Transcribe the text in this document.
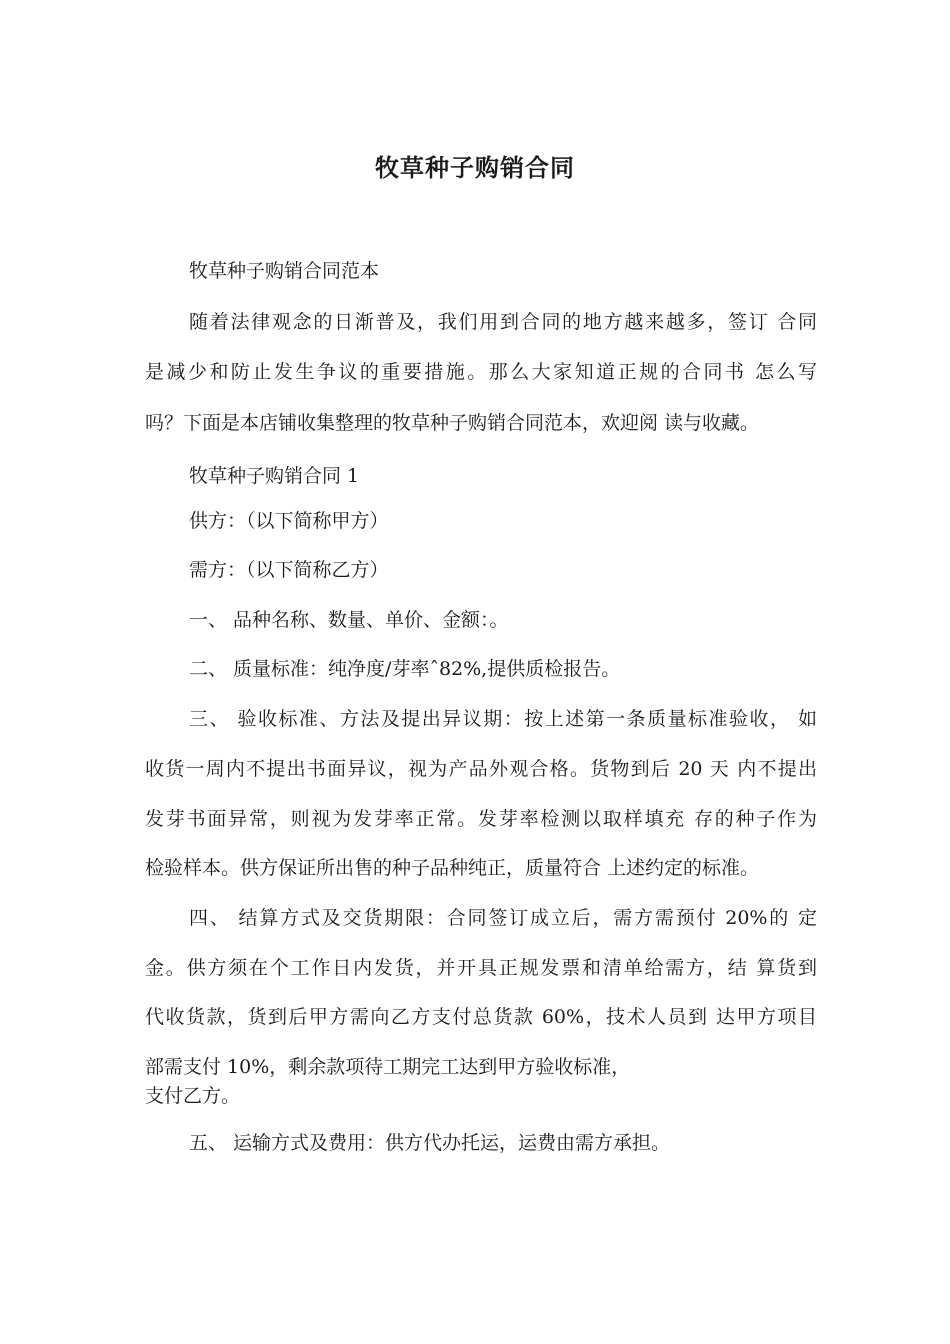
牧草种子购销合同

牧草种子购销合同范本

随着法律观念的日渐普及，我们用到合同的地方越来越多，签订 合同

是减少和防止发生争议的重要措施。那么大家知道正规的合同书 怎么写

吗？下面是本店铺收集整理的牧草种子购销合同范本，欢迎阅 读与收藏。

牧草种子购销合同 1

供方：（以下简称甲方）

需方：（以下简称乙方）

一、 品种名称、数量、单价、金额：。

二、 质量标准：纯净度/芽率ˆ82%,提供质检报告。

三、 验收标准、方法及提出异议期：按上述第一条质量标准验收， 如

收货一周内不提出书面异议，视为产品外观合格。货物到后 20 天 内不提出

发芽书面异常，则视为发芽率正常。发芽率检测以取样填充 存的种子作为

检验样本。供方保证所出售的种子品种纯正，质量符合 上述约定的标准。

四、 结算方式及交货期限：合同签订成立后，需方需预付 20%的 定

金。供方须在个工作日内发货，并开具正规发票和清单给需方，结 算货到

代收货款，货到后甲方需向乙方支付总货款 60%，技术人员到 达甲方项目

部需支付 10%，剩余款项待工期完工达到甲方验收标准，

支付乙方。

五、 运输方式及费用：供方代办托运，运费由需方承担。
